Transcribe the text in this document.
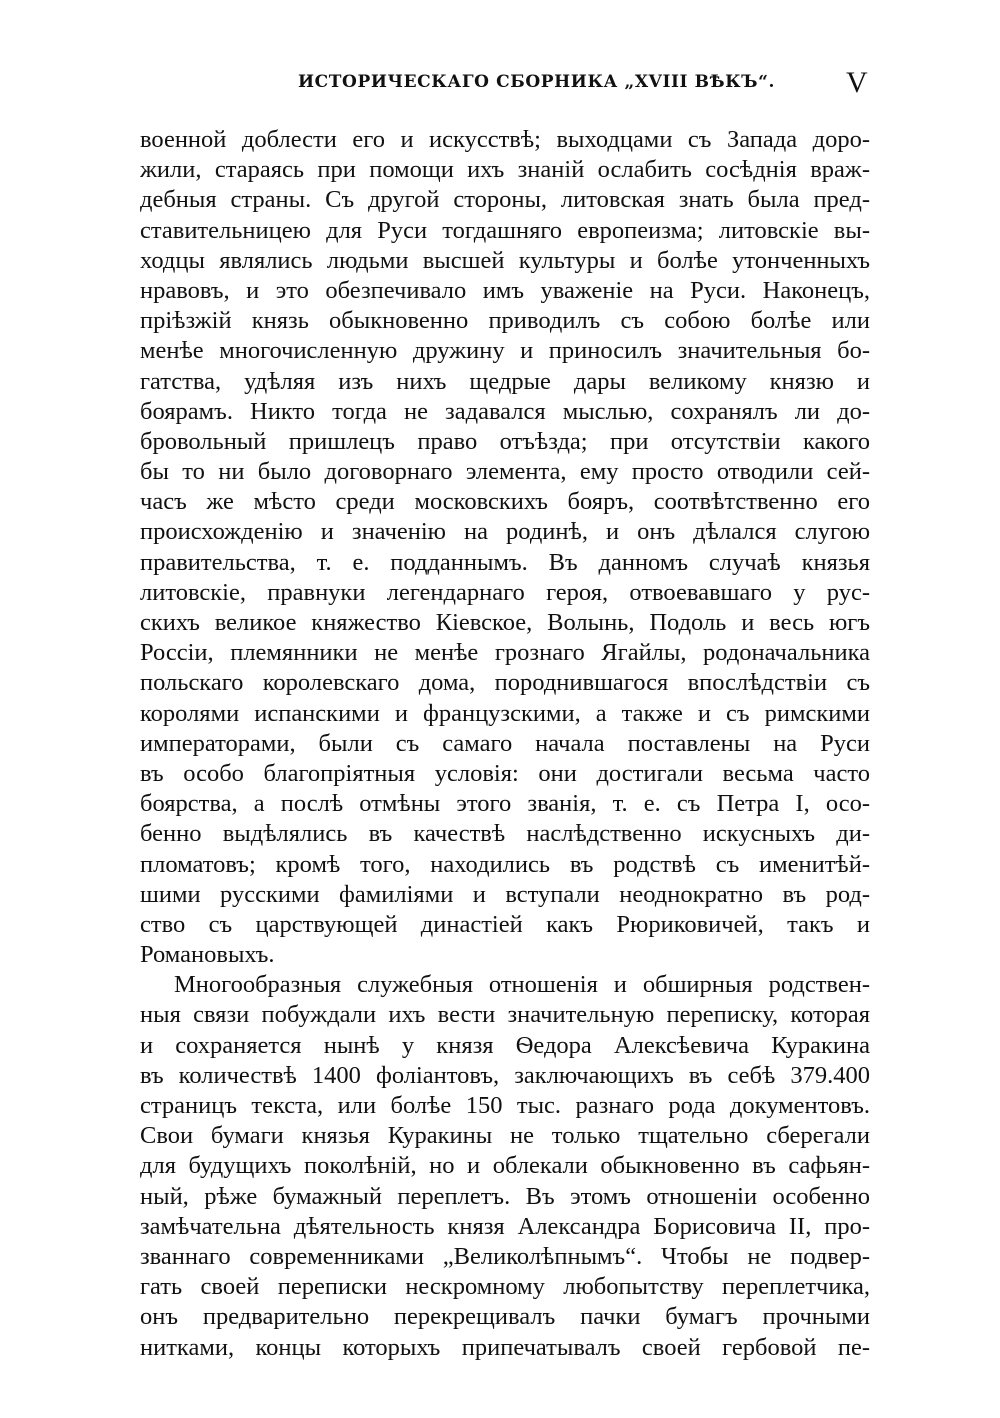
ИСТОРИЧЕСКАГО СБОРНИКА „XVIII ВѢКЪ“. V
военной доблести его и искусствѣ; выходцами съ Запада доро-
жили, стараясь при помощи ихъ знаній ослабить сосѣднія враж-
дебныя страны. Съ другой стороны, литовская знать была пред-
ставительницею для Руси тогдашняго европеизма; литовскіе вы-
ходцы являлись людьми высшей культуры и болѣе утонченныхъ
нравовъ, и это обезпечивало имъ уваженіе на Руси. Наконецъ,
пріѣзжій князь обыкновенно приводилъ съ собою болѣе или
менѣе многочисленную дружину и приносилъ значительныя бо-
гатства, удѣляя изъ нихъ щедрые дары великому князю и
боярамъ. Никто тогда не задавался мыслью, сохранялъ ли до-
бровольный пришлецъ право отъѣзда; при отсутствіи какого
бы то ни было договорнаго элемента, ему просто отводили сей-
часъ же мѣсто среди московскихъ бояръ, соотвѣтственно его
происхожденію и значенію на родинѣ, и онъ дѣлался слугою
правительства, т. е. подданнымъ. Въ данномъ случаѣ князья
литовскіе, правнуки легендарнаго героя, отвоевавшаго у рус-
скихъ великое княжество Кіевское, Волынь, Подоль и весь югъ
Россіи, племянники не менѣе грознаго Ягайлы, родоначальника
польскаго королевскаго дома, породнившагося впослѣдствіи съ
королями испанскими и французскими, а также и съ римскими
императорами, были съ самаго начала поставлены на Руси
въ особо благопріятныя условія: они достигали весьма часто
боярства, а послѣ отмѣны этого званія, т. е. съ Петра I, осо-
бенно выдѣлялись въ качествѣ наслѣдственно искусныхъ ди-
пломатовъ; кромѣ того, находились въ родствѣ съ именитѣй-
шими русскими фамиліями и вступали неоднократно въ род-
ство съ царствующей династіей какъ Рюриковичей, такъ и
Романовыхъ.
Многообразныя служебныя отношенія и обширныя родствен-
ныя связи побуждали ихъ вести значительную переписку, которая
и сохраняется нынѣ у князя Ѳедора Алексѣевича Куракина
въ количествѣ 1400 фоліантовъ, заключающихъ въ себѣ 379.400
страницъ текста, или болѣе 150 тыс. разнаго рода документовъ.
Свои бумаги князья Куракины не только тщательно сберегали
для будущихъ поколѣній, но и облекали обыкновенно въ сафьян-
ный, рѣже бумажный переплетъ. Въ этомъ отношеніи особенно
замѣчательна дѣятельность князя Александра Борисовича II, про-
званнаго современниками „Великолѣпнымъ“. Чтобы не подвер-
гать своей переписки нескромному любопытству переплетчика,
онъ предварительно перекрещивалъ пачки бумагъ прочными
нитками, концы которыхъ припечатывалъ своей гербовой пе-
